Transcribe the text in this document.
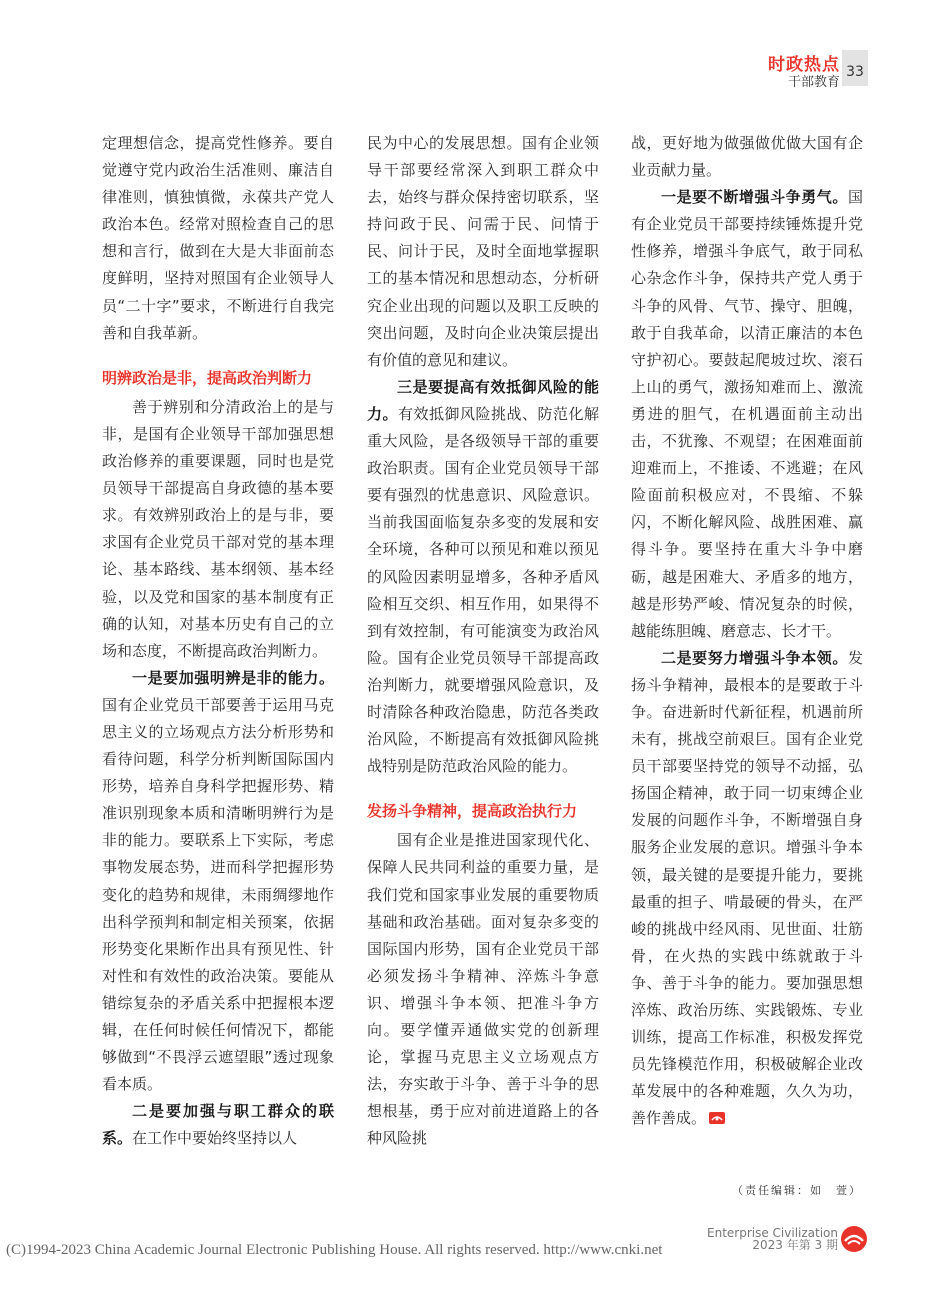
时政热点
干部教育
33

定理想信念，提高党性修养。要自觉遵守党内政治生活准则、廉洁自律准则，慎独慎微，永葆共产党人政治本色。经常对照检查自己的思想和言行，做到在大是大非面前态度鲜明，坚持对照国有企业领导人员“二十字”要求，不断进行自我完善和自我革新。

明辨政治是非，提高政治判断力

善于辨别和分清政治上的是与非，是国有企业领导干部加强思想政治修养的重要课题，同时也是党员领导干部提高自身政德的基本要求。有效辨别政治上的是与非，要求国有企业党员干部对党的基本理论、基本路线、基本纲领、基本经验，以及党和国家的基本制度有正确的认知，对基本历史有自己的立场和态度，不断提高政治判断力。

一是要加强明辨是非的能力。国有企业党员干部要善于运用马克思主义的立场观点方法分析形势和看待问题，科学分析判断国际国内形势，培养自身科学把握形势、精准识别现象本质和清晰明辨行为是非的能力。要联系上下实际，考虑事物发展态势，进而科学把握形势变化的趋势和规律，未雨绸缪地作出科学预判和制定相关预案，依据形势变化果断作出具有预见性、针对性和有效性的政治决策。要能从错综复杂的矛盾关系中把握根本逻辑，在任何时候任何情况下，都能够做到“不畏浮云遮望眼”透过现象看本质。

二是要加强与职工群众的联系。在工作中要始终坚持以人

民为中心的发展思想。国有企业领导干部要经常深入到职工群众中去，始终与群众保持密切联系，坚持问政于民、问需于民、问情于民、问计于民，及时全面地掌握职工的基本情况和思想动态，分析研究企业出现的问题以及职工反映的突出问题，及时向企业决策层提出有价值的意见和建议。

三是要提高有效抵御风险的能力。有效抵御风险挑战、防范化解重大风险，是各级领导干部的重要政治职责。国有企业党员领导干部要有强烈的忧患意识、风险意识。当前我国面临复杂多变的发展和安全环境，各种可以预见和难以预见的风险因素明显增多，各种矛盾风险相互交织、相互作用，如果得不到有效控制，有可能演变为政治风险。国有企业党员领导干部提高政治判断力，就要增强风险意识，及时清除各种政治隐患，防范各类政治风险，不断提高有效抵御风险挑战特别是防范政治风险的能力。

发扬斗争精神，提高政治执行力

国有企业是推进国家现代化、保障人民共同利益的重要力量，是我们党和国家事业发展的重要物质基础和政治基础。面对复杂多变的国际国内形势，国有企业党员干部必须发扬斗争精神、淬炼斗争意识、增强斗争本领、把准斗争方向。要学懂弄通做实党的创新理论，掌握马克思主义立场观点方法，夯实敢于斗争、善于斗争的思想根基，勇于应对前进道路上的各种风险挑

战，更好地为做强做优做大国有企业贡献力量。

一是要不断增强斗争勇气。国有企业党员干部要持续锤炼提升党性修养，增强斗争底气，敢于同私心杂念作斗争，保持共产党人勇于斗争的风骨、气节、操守、胆魄，敢于自我革命，以清正廉洁的本色守护初心。要鼓起爬坡过坎、滚石上山的勇气，激扬知难而上、激流勇进的胆气，在机遇面前主动出击，不犹豫、不观望；在困难面前迎难而上，不推诿、不逃避；在风险面前积极应对，不畏缩、不躲闪，不断化解风险、战胜困难、赢得斗争。要坚持在重大斗争中磨砺，越是困难大、矛盾多的地方，越是形势严峻、情况复杂的时候，越能练胆魄、磨意志、长才干。

二是要努力增强斗争本领。发扬斗争精神，最根本的是要敢于斗争。奋进新时代新征程，机遇前所未有，挑战空前艰巨。国有企业党员干部要坚持党的领导不动摇，弘扬国企精神，敢于同一切束缚企业发展的问题作斗争，不断增强自身服务企业发展的意识。增强斗争本领，最关键的是要提升能力，要挑最重的担子、啃最硬的骨头，在严峻的挑战中经风雨、见世面、壮筋骨，在火热的实践中练就敢于斗争、善于斗争的能力。要加强思想淬炼、政治历练、实践锻炼、专业训练，提高工作标准，积极发挥党员先锋模范作用，积极破解企业改革发展中的各种难题，久久为功，善作善成。

（责任编辑：如　萱）
Enterprise Civilization
2023 年第 3 期
(C)1994-2023 China Academic Journal Electronic Publishing House. All rights reserved. http://www.cnki.net
